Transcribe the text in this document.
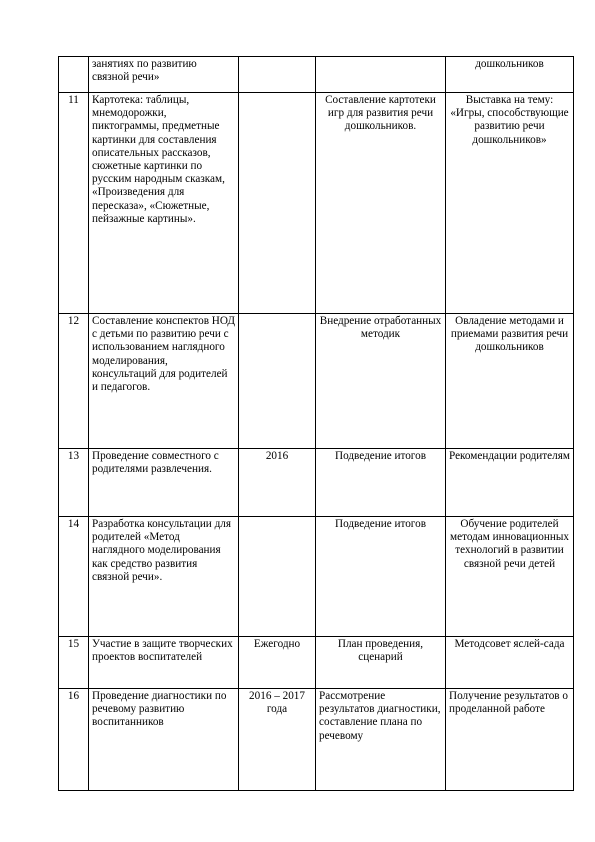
	занятиях по развитию связной речи»			дошкольников
11	Картотека: таблицы, мнемодорожки, пиктограммы, предметные картинки для составления описательных рассказов, сюжетные картинки по русским народным сказкам, «Произведения для пересказа», «Сюжетные, пейзажные картины».		Составление картотеки игр для развития речи дошкольников.	Выставка на тему: «Игры, способствующие развитию речи дошкольников»
12	Составление конспектов НОД с детьми по развитию речи с использованием наглядного моделирования, консультаций для родителей и педагогов.		Внедрение отработанных методик	Овладение методами и приемами развития речи дошкольников
13	Проведение совместного с родителями развлечения.	2016	Подведение итогов	Рекомендации родителям
14	Разработка консультации для родителей «Метод наглядного моделирования как средство развития связной речи».		Подведение итогов	Обучение родителей методам инновационных технологий в развитии связной речи детей
15	Участие в защите творческих проектов воспитателей	Ежегодно	План проведения, сценарий	Методсовет яслей-сада
16	Проведение диагностики по речевому развитию воспитанников	2016 – 2017 года	Рассмотрение результатов диагностики, составление плана по речевому	Получение результатов о проделанной работе
